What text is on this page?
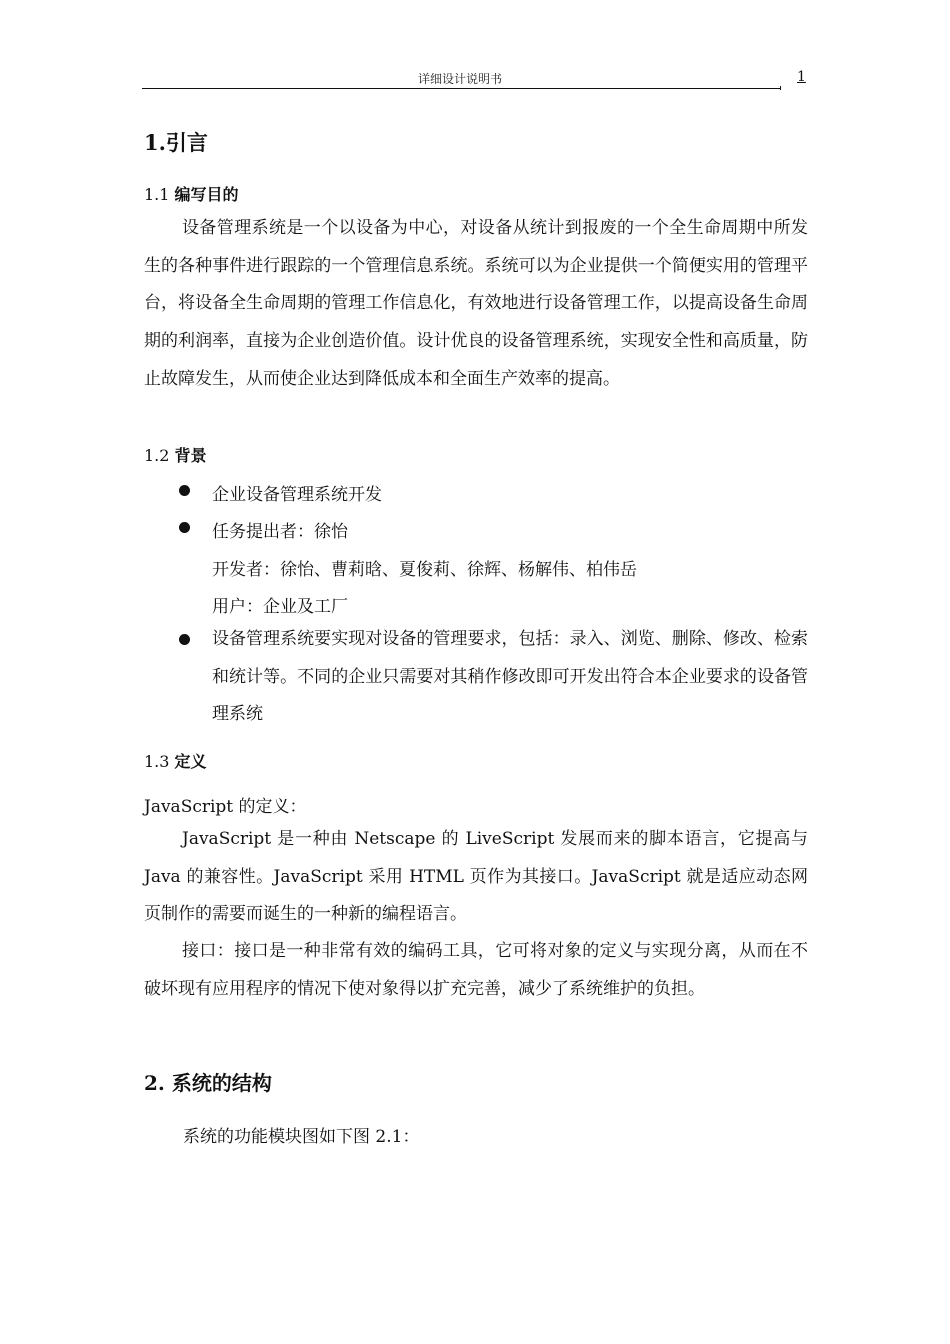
详细设计说明书	1
1.引言
1.1 编写目的
设备管理系统是一个以设备为中心，对设备从统计到报废的一个全生命周期中所发生的各种事件进行跟踪的一个管理信息系统。系统可以为企业提供一个简便实用的管理平台，将设备全生命周期的管理工作信息化，有效地进行设备管理工作，以提高设备生命周期的利润率，直接为企业创造价值。设计优良的设备管理系统，实现安全性和高质量，防止故障发生，从而使企业达到降低成本和全面生产效率的提高。
1.2 背景
企业设备管理系统开发
任务提出者：徐怡
开发者：徐怡、曹莉晗、夏俊莉、徐辉、杨解伟、柏伟岳
用户：企业及工厂
设备管理系统要实现对设备的管理要求，包括：录入、浏览、删除、修改、检索和统计等。不同的企业只需要对其稍作修改即可开发出符合本企业要求的设备管理系统
1.3 定义
JavaScript 的定义：
JavaScript 是一种由 Netscape 的 LiveScript 发展而来的脚本语言，它提高与 Java 的兼容性。JavaScript 采用 HTML 页作为其接口。JavaScript 就是适应动态网页制作的需要而诞生的一种新的编程语言。
接口：接口是一种非常有效的编码工具，它可将对象的定义与实现分离，从而在不破坏现有应用程序的情况下使对象得以扩充完善，减少了系统维护的负担。
2. 系统的结构
系统的功能模块图如下图 2.1：
